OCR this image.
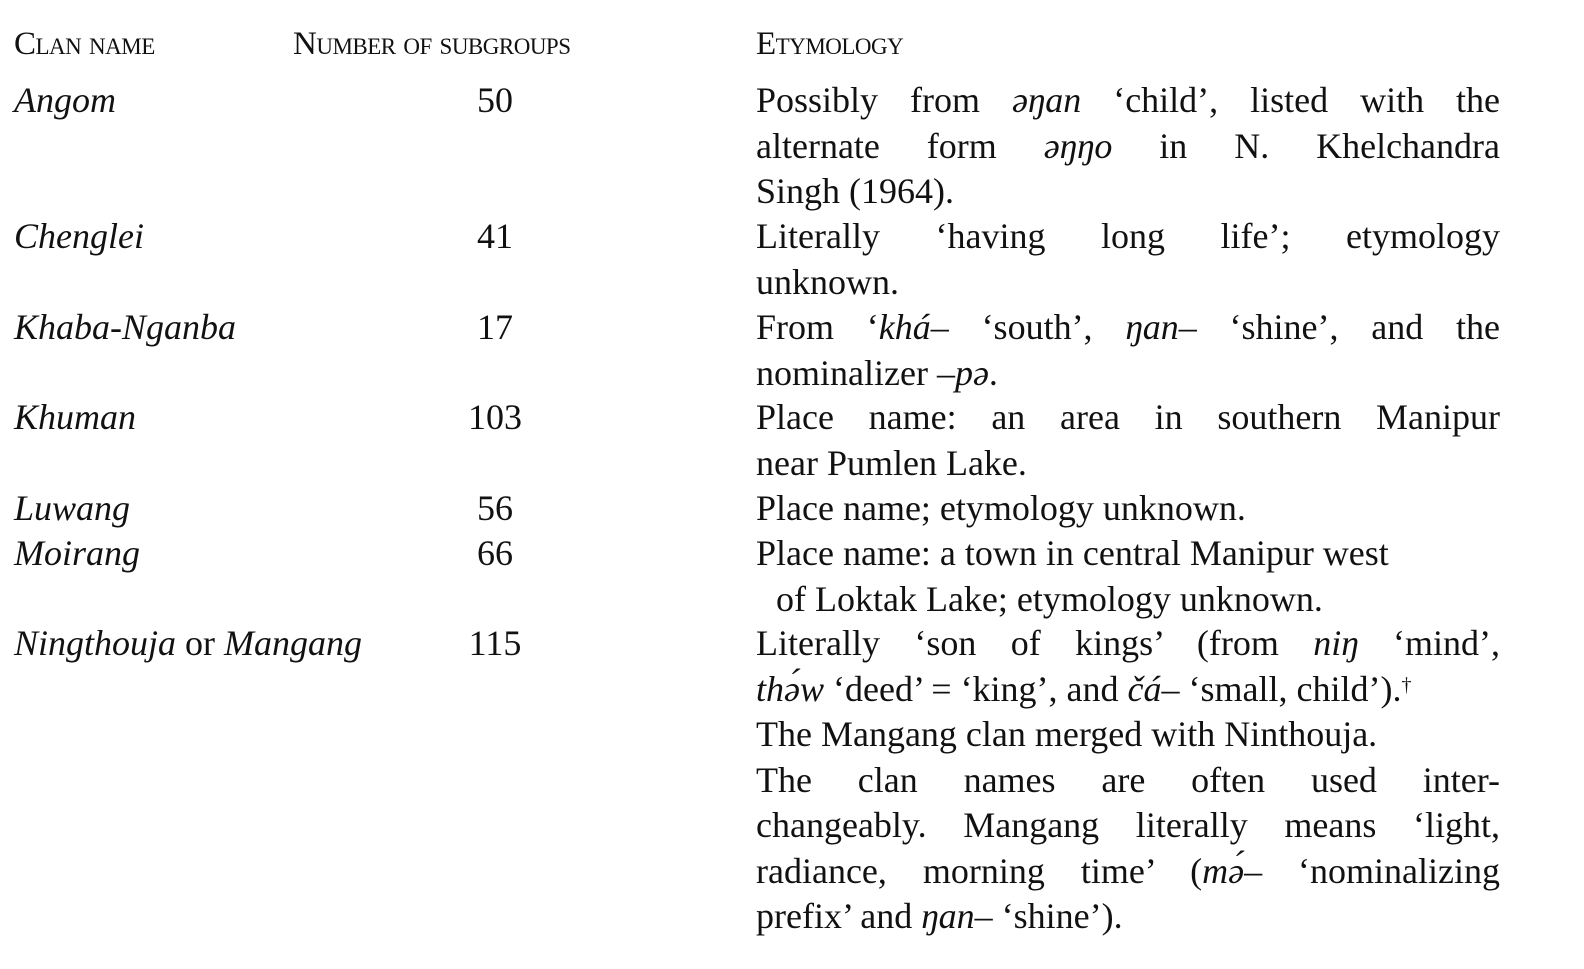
Clan name	Number of subgroups	Etymology
Angom	50	Possibly from əŋan ‘child’, listed with the
alternate form əŋŋo in N. Khelchandra
Singh (1964).
Chenglei	41	Literally ‘having long life’; etymology
unknown.
Khaba-Nganba	17	From ‘khá– ‘south’, ŋan– ‘shine’, and the
nominalizer –pə.
Khuman	103	Place name: an area in southern Manipur
near Pumlen Lake.
Luwang	56	Place name; etymology unknown.
Moirang	66	Place name: a town in central Manipur west
of Loktak Lake; etymology unknown.
Ningthouja or Mangang	115	Literally ‘son of kings’ (from niŋ ‘mind’,
thə́w ‘deed’ = ‘king’, and čá– ‘small, child’).†
The Mangang clan merged with Ninthouja.
The clan names are often used inter-
changeably. Mangang literally means ‘light,
radiance, morning time’ (mə́– ‘nominalizing
prefix’ and ŋan– ‘shine’).
